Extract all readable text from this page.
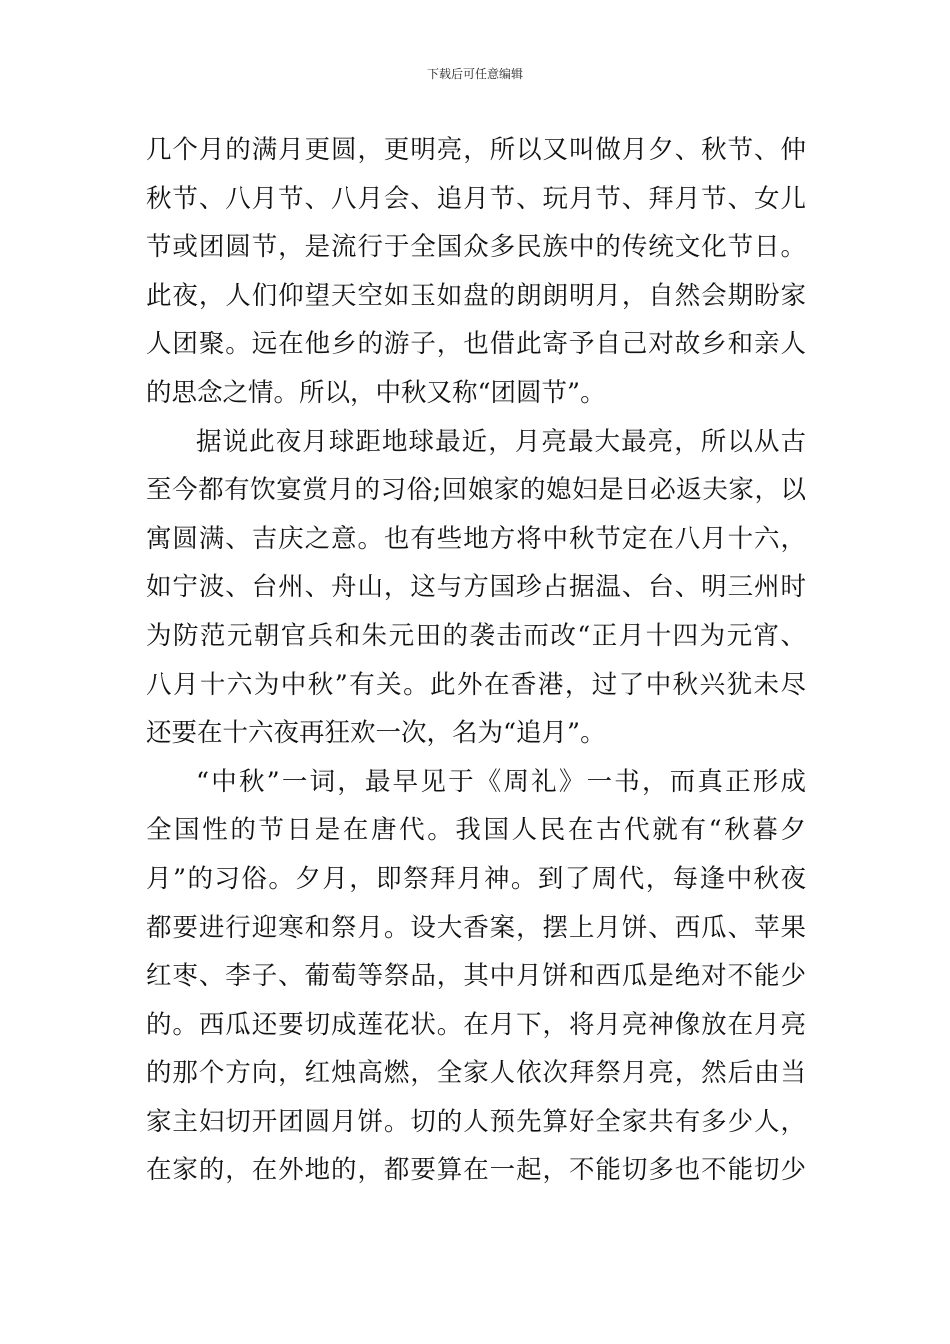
下载后可任意编辑
几个月的满月更圆，更明亮，所以又叫做月夕、秋节、仲
秋节、八月节、八月会、追月节、玩月节、拜月节、女儿
节或团圆节，是流行于全国众多民族中的传统文化节日。
此夜，人们仰望天空如玉如盘的朗朗明月，自然会期盼家
人团聚。远在他乡的游子，也借此寄予自己对故乡和亲人
的思念之情。所以，中秋又称“团圆节”。
据说此夜月球距地球最近，月亮最大最亮，所以从古
至今都有饮宴赏月的习俗;回娘家的媳妇是日必返夫家，以
寓圆满、吉庆之意。也有些地方将中秋节定在八月十六，
如宁波、台州、舟山，这与方国珍占据温、台、明三州时
为防范元朝官兵和朱元田的袭击而改“正月十四为元宵、
八月十六为中秋”有关。此外在香港，过了中秋兴犹未尽
还要在十六夜再狂欢一次，名为“追月”。
“中秋”一词，最早见于《周礼》一书，而真正形成
全国性的节日是在唐代。我国人民在古代就有“秋暮夕
月”的习俗。夕月，即祭拜月神。到了周代，每逢中秋夜
都要进行迎寒和祭月。设大香案，摆上月饼、西瓜、苹果
红枣、李子、葡萄等祭品，其中月饼和西瓜是绝对不能少
的。西瓜还要切成莲花状。在月下，将月亮神像放在月亮
的那个方向，红烛高燃，全家人依次拜祭月亮，然后由当
家主妇切开团圆月饼。切的人预先算好全家共有多少人，
在家的，在外地的，都要算在一起，不能切多也不能切少
